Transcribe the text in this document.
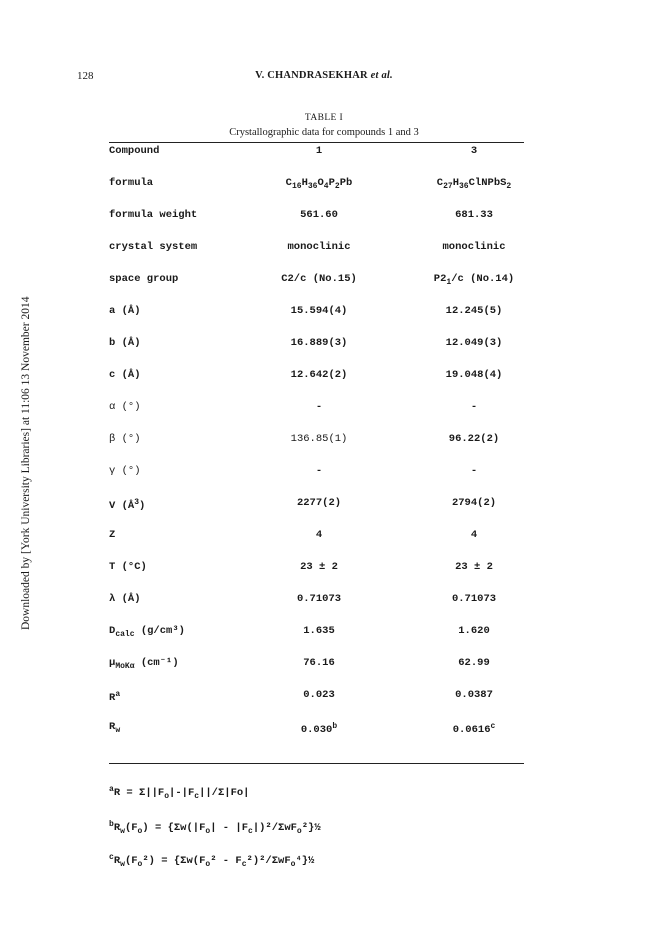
Downloaded by [York University Libraries] at 11:06 13 November 2014
128	V. CHANDRASEKHAR et al.
TABLE I
Crystallographic data for compounds 1 and 3
Compound	1	3
formula	$C_{16}H_{36}O_4P_2Pb$	$C_{27}H_{36}ClNPbS_2$
formula weight	561.60	681.33
crystal system	monoclinic	monoclinic
space group	C2/c (No.15)	$P2_1/c$ (No.14)
a (Å)	15.594(4)	12.245(5)
b (Å)	16.889(3)	12.049(3)
c (Å)	12.642(2)	19.048(4)
α (°)	-	-
β (°)	136.85(1)	96.22(2)
γ (°)	-	-
V $(Å^3)$	2277(2)	2794(2)
Z	4	4
T (°C)	23 ± 2	23 ± 2
λ (Å)	0.71073	0.71073
$D_{calc}$ (g/cm³)	1.635	1.620
$\mu_{MoK\alpha}$ (cm⁻¹)	76.16	62.99
$R^a$	0.023	0.0387
$R_w$	0.030$^b$	0.0616$^c$
$^aR = \Sigma||F_o|-|F_c||/\Sigma|Fo|$
$^bR_w(F_o) = \{\Sigma w(|F_o|$ - $|F_c|)^2/\Sigma wF_o^2\}\frac{1}{2}$
$^cR_w(F_o^2) = \{\Sigma w(F_o^2$ - $F_c^2)^2/\Sigma wF_o^4\}\frac{1}{2}$
